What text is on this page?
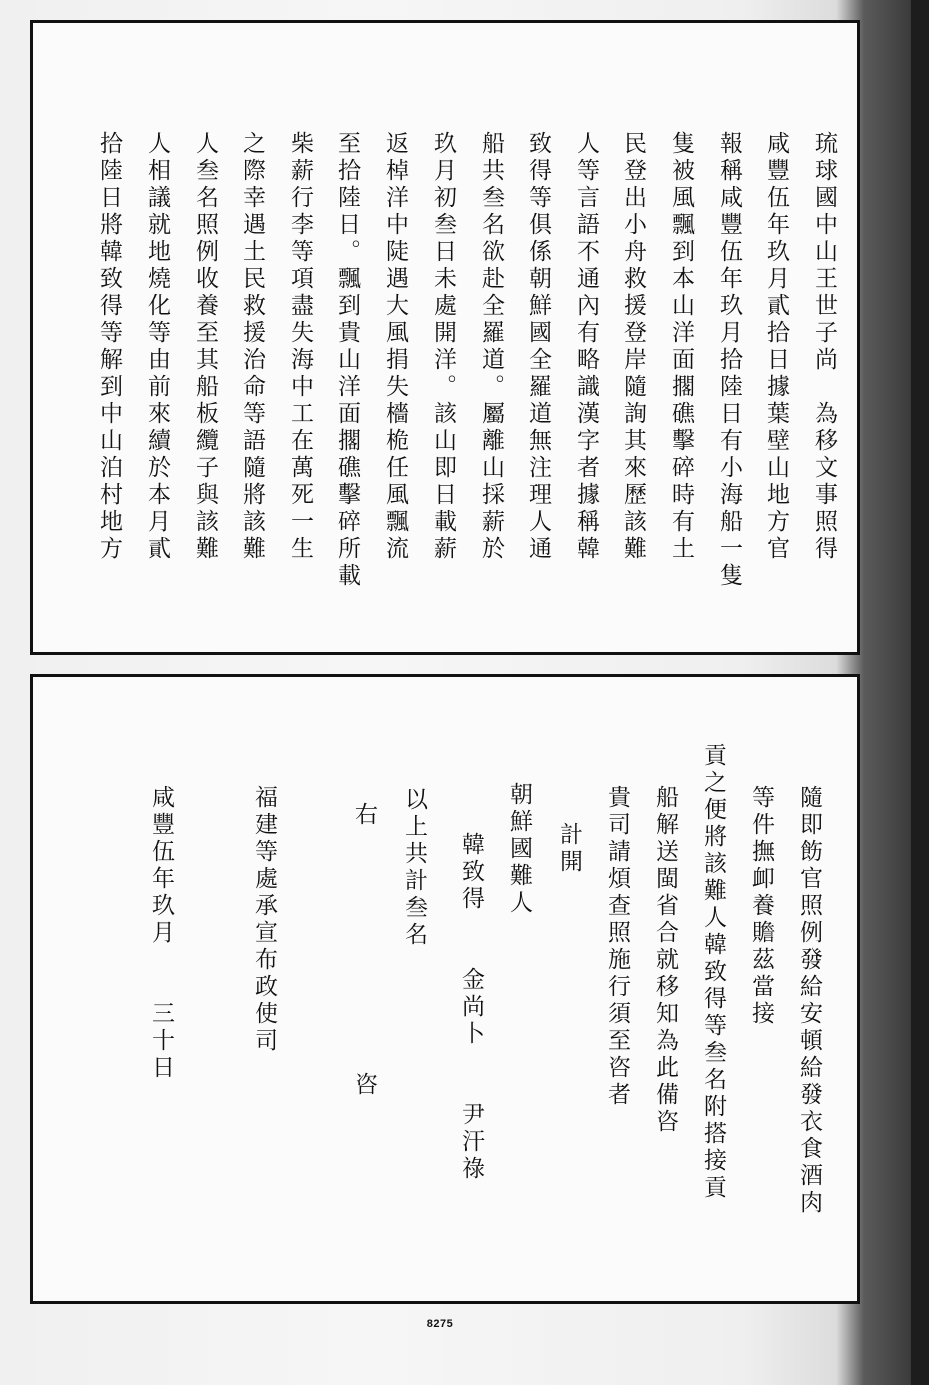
琉球國中山王世子尚　為移文事照得
咸豐伍年玖月貳拾日據葉壁山地方官
報稱咸豐伍年玖月拾陸日有小海船一隻
隻被風飄到本山洋面擱礁擊碎時有土
民登出小舟救援登岸隨詢其來歷該難
人等言語不通內有略識漢字者據稱韓
致得等俱係朝鮮國全羅道無注理人通
船共叁名欲赴全羅道。屬離山採薪於
玖月初叁日未處開洋。該山即日載薪
返棹洋中陡遇大風捐失檣桅任風飄流
至拾陸日。飄到貴山洋面擱礁擊碎所載
柴薪行李等項盡失海中工在萬死一生
之際幸遇土民救援治命等語隨將該難
人叁名照例收養至其船板纜子與該難
人相議就地燒化等由前來續於本月貳
拾陸日將韓致得等解到中山泊村地方
隨即飭官照例發給安頓給發衣食酒肉
等件撫卹養贍茲當接
貢之便將該難人韓致得等叁名附搭接貢
船解送閩省合就移知為此備咨
貴司請煩查照施行須至咨者
計開
朝鮮國難人
韓致得　　金尚卜　　尹汗祿
以上共計叁名
右　　　　　　　　　咨
福建等處承宣布政使司
咸豐伍年玖月　　三十日
8275
